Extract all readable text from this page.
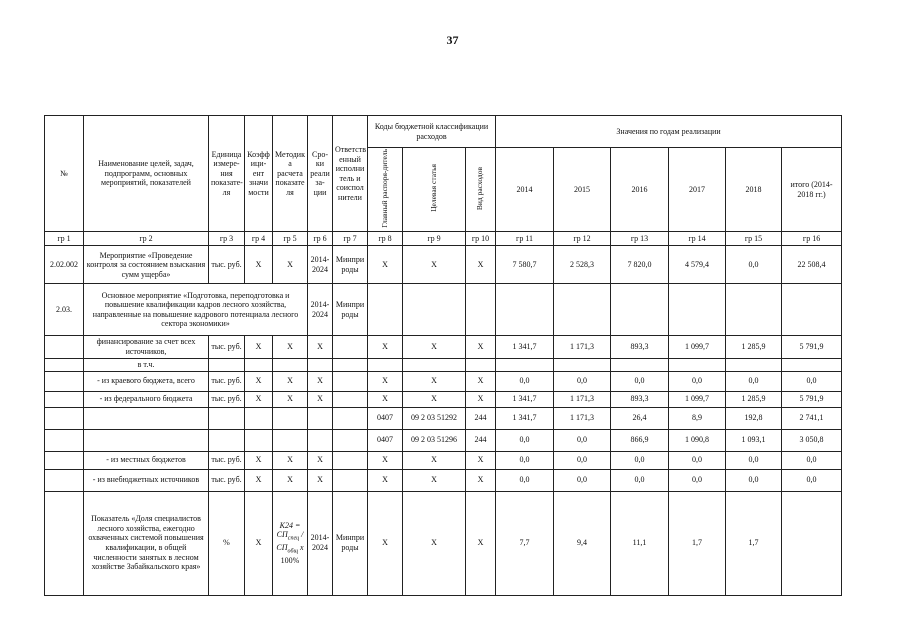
37
№	Наименование целей, задач, подпрограмм, основных мероприятий, показателей	Единица измере-ния показате-ля	Коэфф ици-ент значи мости	Методик а расчета показате ля	Сро-ки реали за-ции	Ответств енный исполни тель и соиспол нители	Коды бюджетной классификации расходов			Значения по годам реализации					
							Главный распоря-дитель	Целевая статья	Вид расходов	2014	2015	2016	2017	2018	итого (2014-2018 гг.)
гр 1	гр 2	гр 3	гр 4	гр 5	гр 6	гр 7	гр 8	гр 9	гр 10	гр 11	гр 12	гр 13	гр 14	гр 15	гр 16
2.02.002	Мероприятие «Проведение контроля за состоянием взыскания сумм ущерба»	тыс. руб.	X	X	2014-2024	Минпри роды	X	X	X	7 580,7	2 528,3	7 820,0	4 579,4	0,0	22 508,4
2.03.	Основное мероприятие «Подготовка, переподготовка и повышение квалификации кадров лесного хозяйства, направленные на повышение кадрового потенциала лесного сектора экономики»				2014-2024	Минпри роды									
	финансирование за счет всех источников,	тыс. руб.	X	X	X		X	X	X	1 341,7	1 171,3	893,3	1 099,7	1 285,9	5 791,9
	в т.ч.														
	- из краевого бюджета, всего	тыс. руб.	X	X	X		X	X	X	0,0	0,0	0,0	0,0	0,0	0,0
	- из федерального бюджета	тыс. руб.	X	X	X		X	X	X	1 341,7	1 171,3	893,3	1 099,7	1 285,9	5 791,9
							0407	09 2 03 51292	244	1 341,7	1 171,3	26,4	8,9	192,8	2 741,1
							0407	09 2 03 51296	244	0,0	0,0	866,9	1 090,8	1 093,1	3 050,8
	- из местных бюджетов	тыс. руб.	X	X	X		X	X	X	0,0	0,0	0,0	0,0	0,0	0,0
	- из внебюджетных источников	тыс. руб.	X	X	X		X	X	X	0,0	0,0	0,0	0,0	0,0	0,0
	Показатель «Доля специалистов лесного хозяйства, ежегодно охваченных системой повышения квалификации, в общей численности занятых в лесном хозяйстве Забайкальского края»	%	X	K24 =
$СП_{спец}$ /
$СП_{общ}$ x
100%	2014-2024	Минпри роды	X	X	X	7,7	9,4	11,1	1,7	1,7	
